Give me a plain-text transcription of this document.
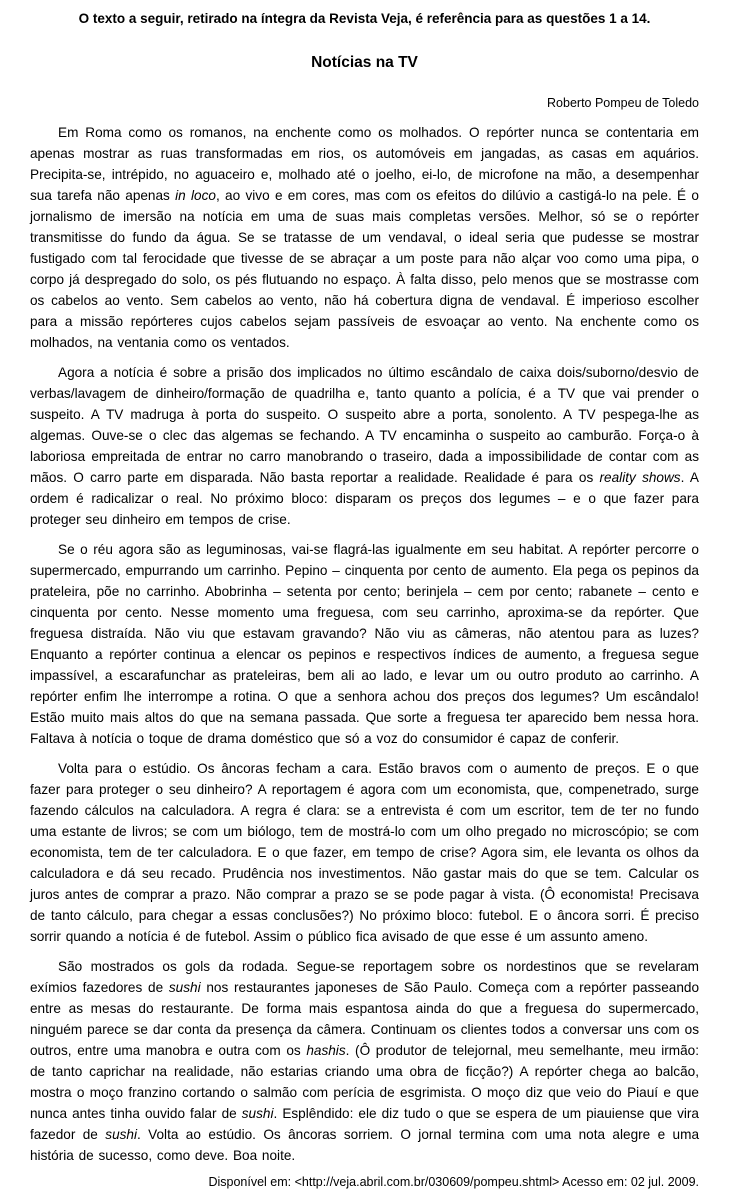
O texto a seguir, retirado na íntegra da Revista Veja, é referência para as questões 1 a 14.
Notícias na TV
Roberto Pompeu de Toledo

Em Roma como os romanos, na enchente como os molhados. O repórter nunca se contentaria em apenas mostrar as ruas transformadas em rios, os automóveis em jangadas, as casas em aquários. Precipita-se, intrépido, no aguaceiro e, molhado até o joelho, ei-lo, de microfone na mão, a desempenhar sua tarefa não apenas in loco, ao vivo e em cores, mas com os efeitos do dilúvio a castigá-lo na pele. É o jornalismo de imersão na notícia em uma de suas mais completas versões. Melhor, só se o repórter transmitisse do fundo da água. Se se tratasse de um vendaval, o ideal seria que pudesse se mostrar fustigado com tal ferocidade que tivesse de se abraçar a um poste para não alçar voo como uma pipa, o corpo já despregado do solo, os pés flutuando no espaço. À falta disso, pelo menos que se mostrasse com os cabelos ao vento. Sem cabelos ao vento, não há cobertura digna de vendaval. É imperioso escolher para a missão repórteres cujos cabelos sejam passíveis de esvoaçar ao vento. Na enchente como os molhados, na ventania como os ventados.

Agora a notícia é sobre a prisão dos implicados no último escândalo de caixa dois/suborno/desvio de verbas/lavagem de dinheiro/formação de quadrilha e, tanto quanto a polícia, é a TV que vai prender o suspeito. A TV madruga à porta do suspeito. O suspeito abre a porta, sonolento. A TV pespega-lhe as algemas. Ouve-se o clec das algemas se fechando. A TV encaminha o suspeito ao camburão. Força-o à laboriosa empreitada de entrar no carro manobrando o traseiro, dada a impossibilidade de contar com as mãos. O carro parte em disparada. Não basta reportar a realidade. Realidade é para os reality shows. A ordem é radicalizar o real. No próximo bloco: disparam os preços dos legumes – e o que fazer para proteger seu dinheiro em tempos de crise.

Se o réu agora são as leguminosas, vai-se flagrá-las igualmente em seu habitat. A repórter percorre o supermercado, empurrando um carrinho. Pepino – cinquenta por cento de aumento. Ela pega os pepinos da prateleira, põe no carrinho. Abobrinha – setenta por cento; berinjela – cem por cento; rabanete – cento e cinquenta por cento. Nesse momento uma freguesa, com seu carrinho, aproxima-se da repórter. Que freguesa distraída. Não viu que estavam gravando? Não viu as câmeras, não atentou para as luzes? Enquanto a repórter continua a elencar os pepinos e respectivos índices de aumento, a freguesa segue impassível, a escarafunchar as prateleiras, bem ali ao lado, e levar um ou outro produto ao carrinho. A repórter enfim lhe interrompe a rotina. O que a senhora achou dos preços dos legumes? Um escândalo! Estão muito mais altos do que na semana passada. Que sorte a freguesa ter aparecido bem nessa hora. Faltava à notícia o toque de drama doméstico que só a voz do consumidor é capaz de conferir.

Volta para o estúdio. Os âncoras fecham a cara. Estão bravos com o aumento de preços. E o que fazer para proteger o seu dinheiro? A reportagem é agora com um economista, que, compenetrado, surge fazendo cálculos na calculadora. A regra é clara: se a entrevista é com um escritor, tem de ter no fundo uma estante de livros; se com um biólogo, tem de mostrá-lo com um olho pregado no microscópio; se com economista, tem de ter calculadora. E o que fazer, em tempo de crise? Agora sim, ele levanta os olhos da calculadora e dá seu recado. Prudência nos investimentos. Não gastar mais do que se tem. Calcular os juros antes de comprar a prazo. Não comprar a prazo se se pode pagar à vista. (Ô economista! Precisava de tanto cálculo, para chegar a essas conclusões?) No próximo bloco: futebol. E o âncora sorri. É preciso sorrir quando a notícia é de futebol. Assim o público fica avisado de que esse é um assunto ameno.

São mostrados os gols da rodada. Segue-se reportagem sobre os nordestinos que se revelaram exímios fazedores de sushi nos restaurantes japoneses de São Paulo. Começa com a repórter passeando entre as mesas do restaurante. De forma mais espantosa ainda do que a freguesa do supermercado, ninguém parece se dar conta da presença da câmera. Continuam os clientes todos a conversar uns com os outros, entre uma manobra e outra com os hashis. (Ô produtor de telejornal, meu semelhante, meu irmão: de tanto caprichar na realidade, não estarias criando uma obra de ficção?) A repórter chega ao balcão, mostra o moço franzino cortando o salmão com perícia de esgrimista. O moço diz que veio do Piauí e que nunca antes tinha ouvido falar de sushi. Esplêndido: ele diz tudo o que se espera de um piauiense que vira fazedor de sushi. Volta ao estúdio. Os âncoras sorriem. O jornal termina com uma nota alegre e uma história de sucesso, como deve. Boa noite.

Disponível em: <http://veja.abril.com.br/030609/pompeu.shtml> Acesso em: 02 jul. 2009.
